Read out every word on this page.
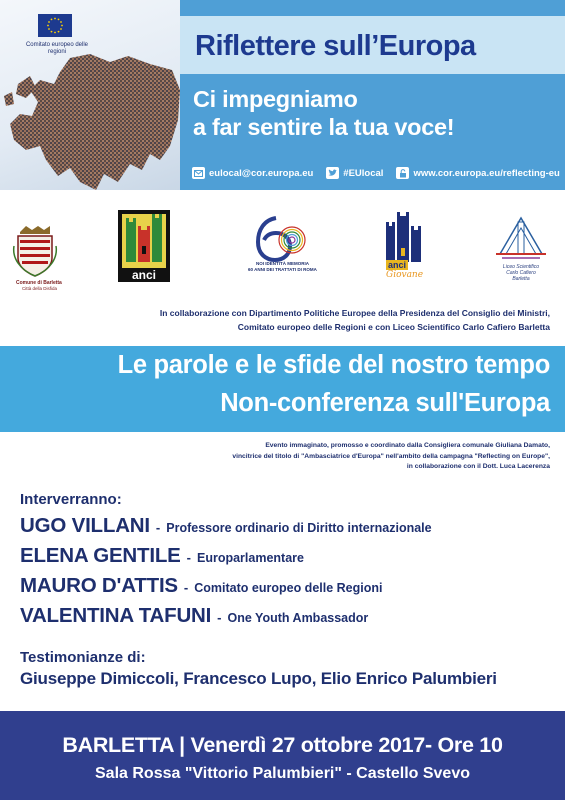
Comitato europeo delle regioni	Riflettere sull’Europa
Ci impegniamo
a far sentire la tua voce!
eulocal@cor.europa.eu	#EUlocal	www.cor.europa.eu/reflecting-eu
Comune di Barletta
Città della Disfida
anci
NOI IDENTITÀ MEMORIA
60 ANNI DEI TRATTATI DI ROMA	anci
Giovane
Liceo Scientifico
Carlo Cafiero
Barletta
In collaborazione con Dipartimento Politiche Europee della Presidenza del Consiglio dei Ministri,
Comitato europeo delle Regioni e con Liceo Scientifico Carlo Cafiero Barletta
Le parole e le sfide del nostro tempo
Non-conferenza sull'Europa
Evento immaginato, promosso e coordinato dalla Consigliera comunale Giuliana Damato,
vincitrice del titolo di "Ambasciatrice d'Europa" nell'ambito della campagna "Reflecting on Europe",
in collaborazione con il Dott. Luca Lacerenza
Interverranno:
UGO VILLANI - Professore ordinario di Diritto internazionale
ELENA GENTILE - Europarlamentare
MAURO D'ATTIS - Comitato europeo delle Regioni
VALENTINA TAFUNI - One Youth Ambassador
Testimonianze di:
Giuseppe Dimiccoli, Francesco Lupo, Elio Enrico Palumbieri
BARLETTA | Venerdì 27 ottobre 2017- Ore 10
Sala Rossa "Vittorio Palumbieri" - Castello Svevo
